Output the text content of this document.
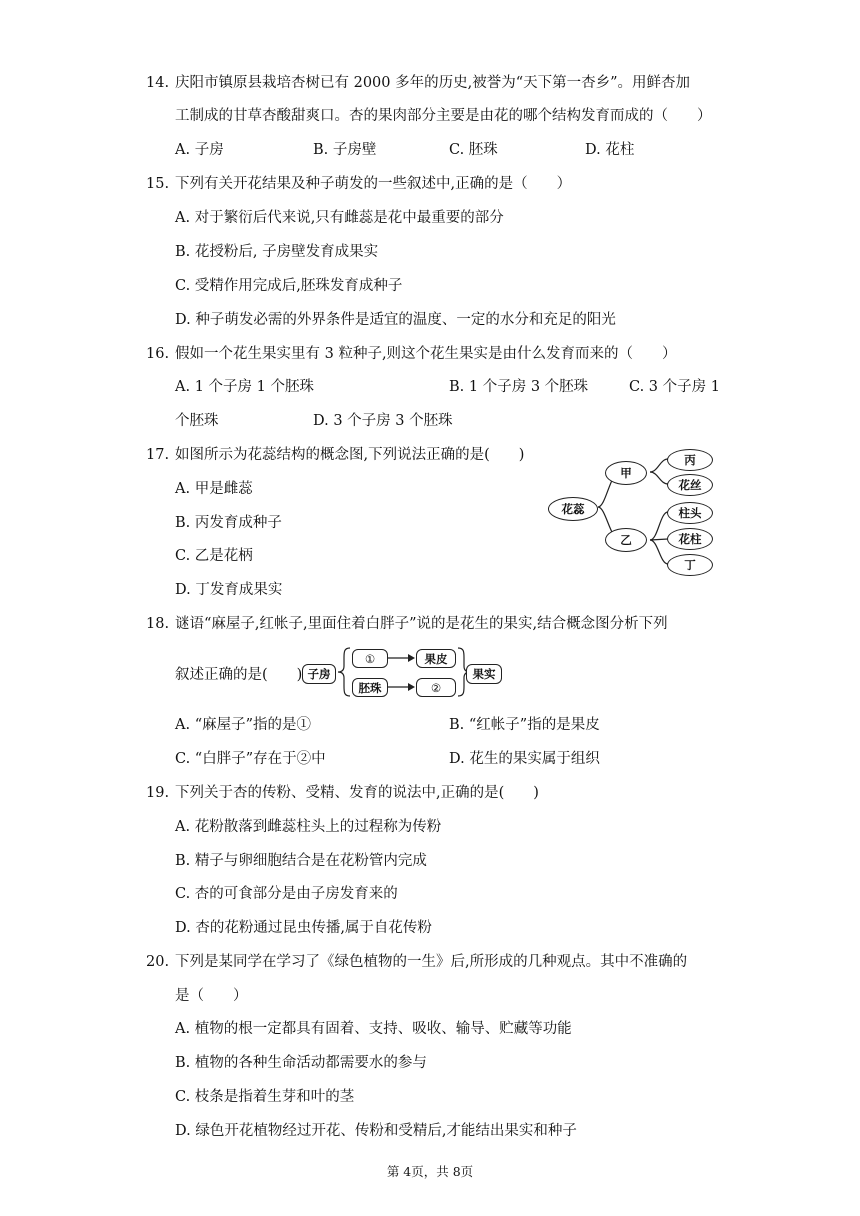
14. 庆阳市镇原县栽培杏树已有 2000 多年的历史,被誉为“天下第一杏乡”。用鲜杏加
工制成的甘草杏酸甜爽口。杏的果肉部分主要是由花的哪个结构发育而成的（　　）
A. 子房	B. 子房壁	C. 胚珠	D. 花柱
15. 下列有关开花结果及种子萌发的一些叙述中,正确的是（　　）
A. 对于繁衍后代来说,只有雌蕊是花中最重要的部分
B. 花授粉后, 子房壁发育成果实
C. 受精作用完成后,胚珠发育成种子
D. 种子萌发必需的外界条件是适宜的温度、一定的水分和充足的阳光
16. 假如一个花生果实里有 3 粒种子,则这个花生果实是由什么发育而来的（　　）
A. 1 个子房 1 个胚珠	B. 1 个子房 3 个胚珠	C. 3 个子房 1
个胚珠	D. 3 个子房 3 个胚珠
17. 如图所示为花蕊结构的概念图,下列说法正确的是(　　)
A. 甲是雌蕊
B. 丙发育成种子
C. 乙是花柄
D. 丁发育成果实
花蕊
甲
乙
丙
花丝
柱头
花柱
丁
18. 谜语“麻屋子,红帐子,里面住着白胖子”说的是花生的果实,结合概念图分析下列
叙述正确的是(　　) 子房
①	果皮
胚珠	②
果实
A. “麻屋子”指的是①	B. “红帐子”指的是果皮
C. “白胖子”存在于②中	D. 花生的果实属于组织
19. 下列关于杏的传粉、受精、发育的说法中,正确的是(　　)
A. 花粉散落到雌蕊柱头上的过程称为传粉
B. 精子与卵细胞结合是在花粉管内完成
C. 杏的可食部分是由子房发育来的
D. 杏的花粉通过昆虫传播,属于自花传粉
20. 下列是某同学在学习了《绿色植物的一生》后,所形成的几种观点。其中不准确的
是（　　）
A. 植物的根一定都具有固着、支持、吸收、输导、贮藏等功能
B. 植物的各种生命活动都需要水的参与
C. 枝条是指着生芽和叶的茎
D. 绿色开花植物经过开花、传粉和受精后,才能结出果实和种子
第 4页，共 8页
